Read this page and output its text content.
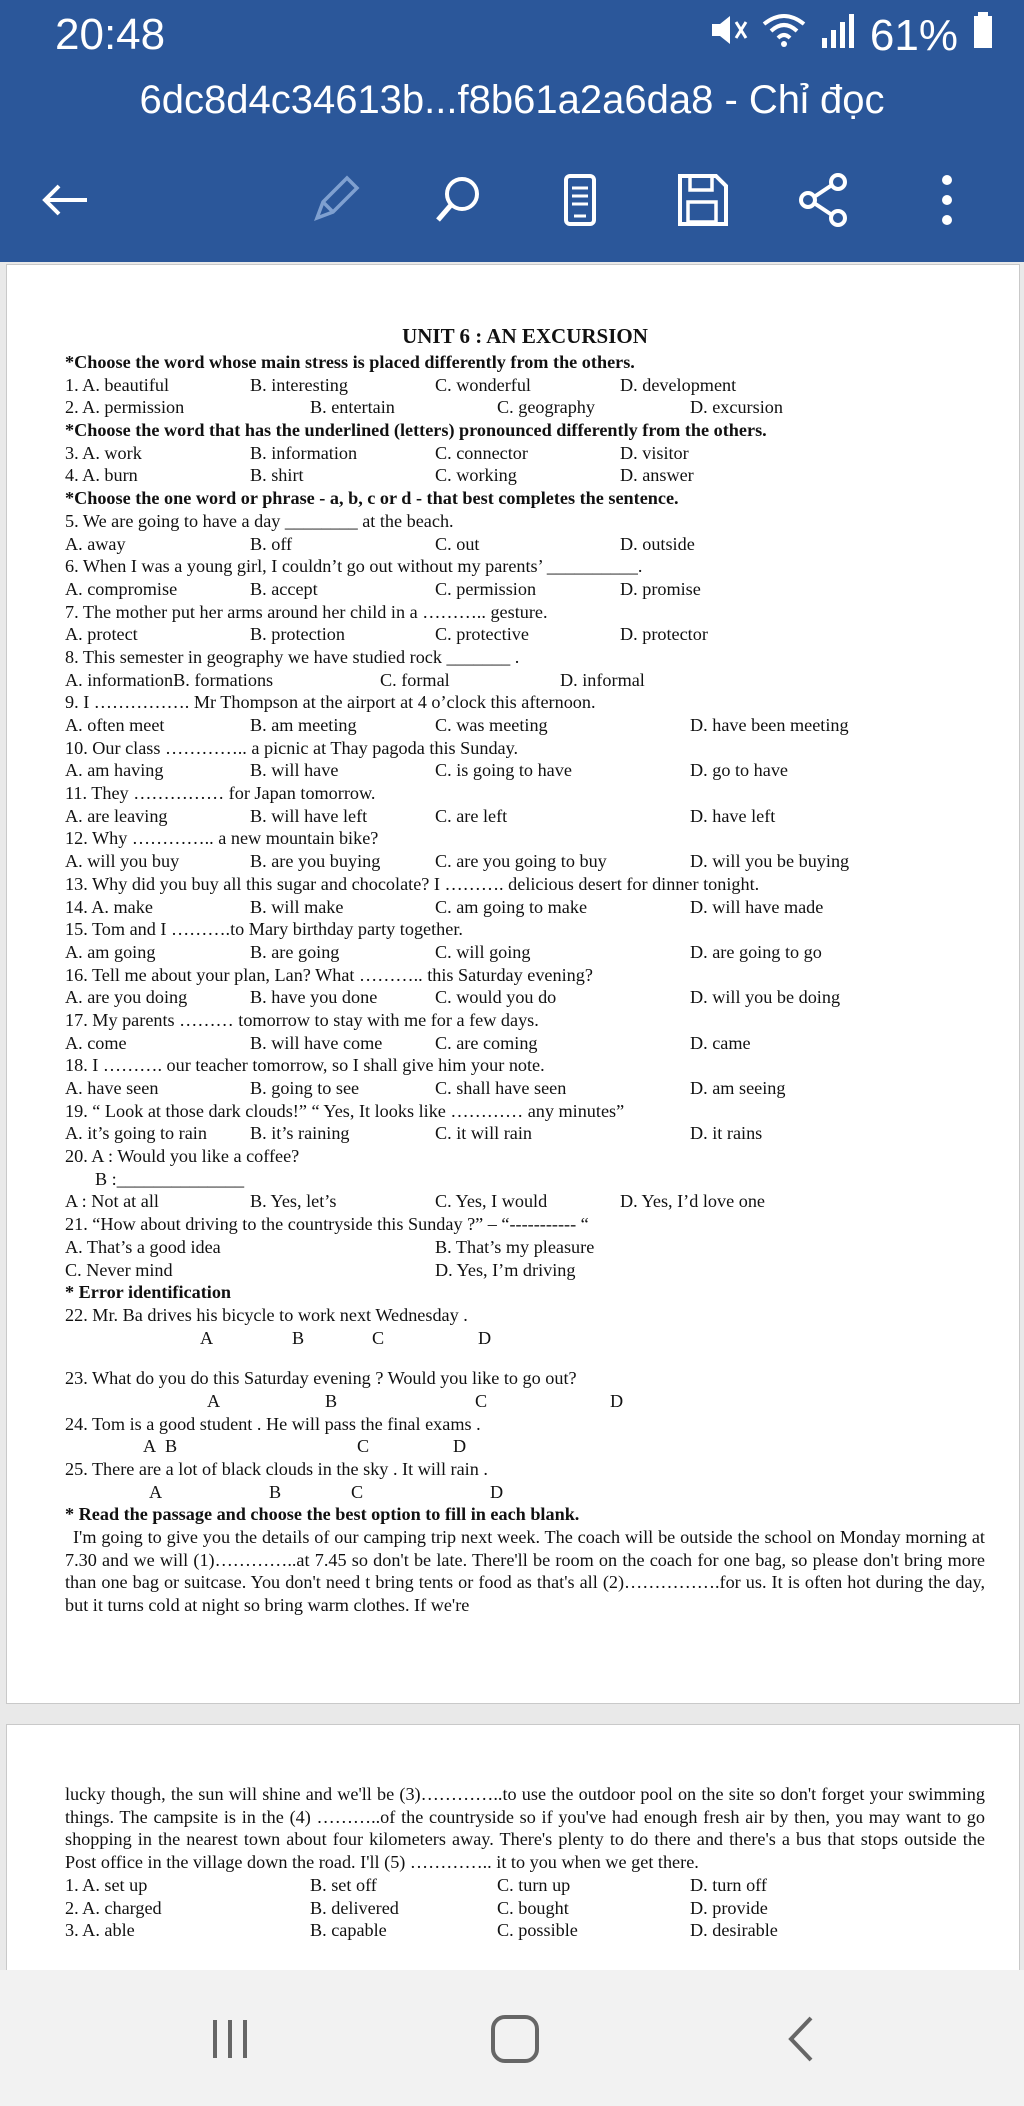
20:48	61%
6dc8d4c34613b...f8b61a2a6da8 - Chỉ đọc
UNIT 6 : AN EXCURSION
*Choose the word whose main stress is placed differently from the others.
1. A. beautiful	B. interesting	C. wonderful	D. development
2. A. permission	B. entertain	C. geography	D. excursion
*Choose the word that has the underlined (letters) pronounced differently from the others.
3. A. work	B. information	C. connector	D. visitor
4. A. burn	B. shirt	C. working	D. answer
*Choose the one word or phrase - a, b, c or d - that best completes the sentence.
5. We are going to have a day ________ at the beach.
A. away	B. off	C. out	D. outside
6. When I was a young girl, I couldn’t go out without my parents’ __________.
A. compromise	B. accept	C. permission	D. promise
7. The mother put her arms around her child in a ……….. gesture.
A. protect	B. protection	C. protective	D. protector
8. This semester in geography we have studied rock _______ .
A. informationB. formations	C. formal	D. informal
9. I ……………. Mr Thompson at the airport at 4 o’clock this afternoon.
A. often meet	B. am meeting	C. was meeting	D. have been meeting
10. Our class ………….. a picnic at Thay pagoda this Sunday.
A. am having	B. will have	C. is going to have	D. go to have
11. They …………… for Japan tomorrow.
A. are leaving	B. will have left	C. are left	D. have left
12. Why ………….. a new mountain bike?
A. will you buy	B. are you buying	C. are you going to buy	D. will you be buying
13. Why did you buy all this sugar and chocolate? I ………. delicious desert for dinner tonight.
14. A. make	B. will make	C. am going to make	D. will have made
15. Tom and I ……….to Mary birthday party together.
A. am going	B. are going	C. will going	D. are going to go
16. Tell me about your plan, Lan? What ……….. this Saturday evening?
A. are you doing	B. have you done	C. would you do	D. will you be doing
17. My parents ……… tomorrow to stay with me for a few days.
A. come	B. will have come	C. are coming	D. came
18. I ………. our teacher tomorrow, so I shall give him your note.
A. have seen	B. going to see	C. shall have seen	D. am seeing
19. “ Look at those dark clouds!” “ Yes, It looks like ………… any minutes”
A. it’s going to rain B. it’s raining	C. it will rain	D. it rains
20. A : Would you like a coffee?
B :______________
A : Not at all	B. Yes, let’s	C. Yes, I would	D. Yes, I’d love one
21. “How about driving to the countryside this Sunday ?” – “----------- “
A. That’s a good idea	B. That’s my pleasure
C. Never mind	D. Yes, I’m driving
* Error identification
22. Mr. Ba drives his bicycle to work next Wednesday .
A	B	C	D
23. What do you do this Saturday evening ? Would you like to go out?
A	B	C	D
24. Tom is a good student . He will pass the final exams .
A B	C	D
25. There are a lot of black clouds in the sky . It will rain .
A	B	C	D
* Read the passage and choose the best option to fill in each blank.
I'm going to give you the details of our camping trip next week. The coach will be outside the school on Monday morning at 7.30 and we will (1)…………..at 7.45 so don't be late. There'll be room on the coach for one bag, so please don't bring more than one bag or suitcase. You don't need t bring tents or food as that's all (2)…………….for us. It is often hot during the day, but it turns cold at night so bring warm clothes. If we're
lucky though, the sun will shine and we'll be (3)…………..to use the outdoor pool on the site so don't forget your swimming things. The campsite is in the (4) ………..of the countryside so if you've had enough fresh air by then, you may want to go shopping in the nearest town about four kilometers away. There's plenty to do there and there's a bus that stops outside the Post office in the village down the road. I'll (5) ………….. it to you when we get there.
1. A. set up	B. set off	C. turn up	D. turn off
2. A. charged	B. delivered	C. bought	D. provide
3. A. able	B. capable	C. possible	D. desirable
